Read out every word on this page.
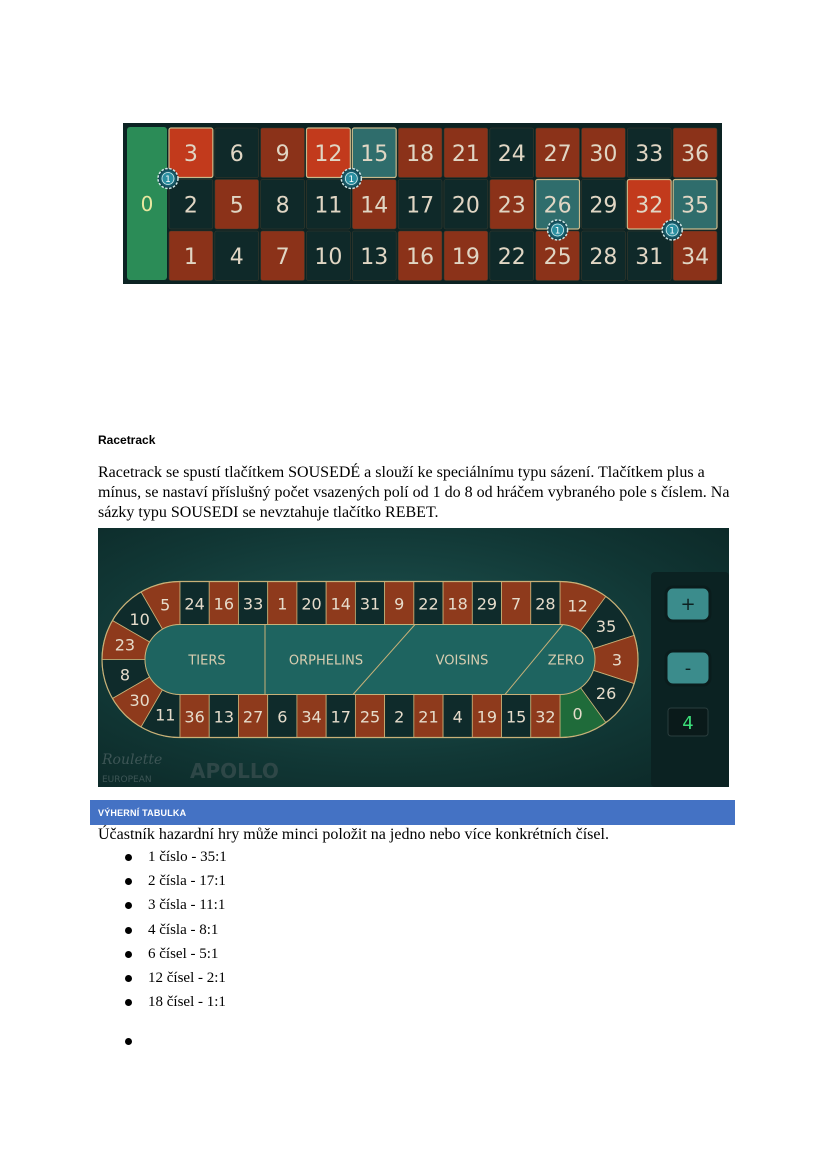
0
3 6 9 12 15 18 21 24 27 30 33 36
2 5 8 11 14 17 20 23 26 29 32 35
1 4 7 10 13 16 19 22 25 28 31 34
1	1
1	1
Racetrack
Racetrack se spustí tlačítkem SOUSEDÉ a slouží ke speciálnímu typu sázení. Tlačítkem plus a mínus, se nastaví příslušný počet vsazených polí od 1 do 8 od hráčem vybraného pole s číslem. Na sázky typu SOUSEDI se nevztahuje tlačítko REBET.
5
10
23
8
30
11
12
35
3
26
0
24 16 33 1 20 14 31 9 22 18 29 7 28
36 13 27 6 34 17 25 2 21 4 19 15 32
TIERS	ORPHELINS	VOISINS	ZERO
+
-
4
Roulette
EUROPEAN APOLLO
VÝHERNÍ TABULKA
Účastník hazardní hry může minci položit na jedno nebo více konkrétních čísel.
1 číslo - 35:1
2 čísla - 17:1
3 čísla - 11:1
4 čísla - 8:1
6 čísel - 5:1
12 čísel - 2:1
18 čísel - 1:1
